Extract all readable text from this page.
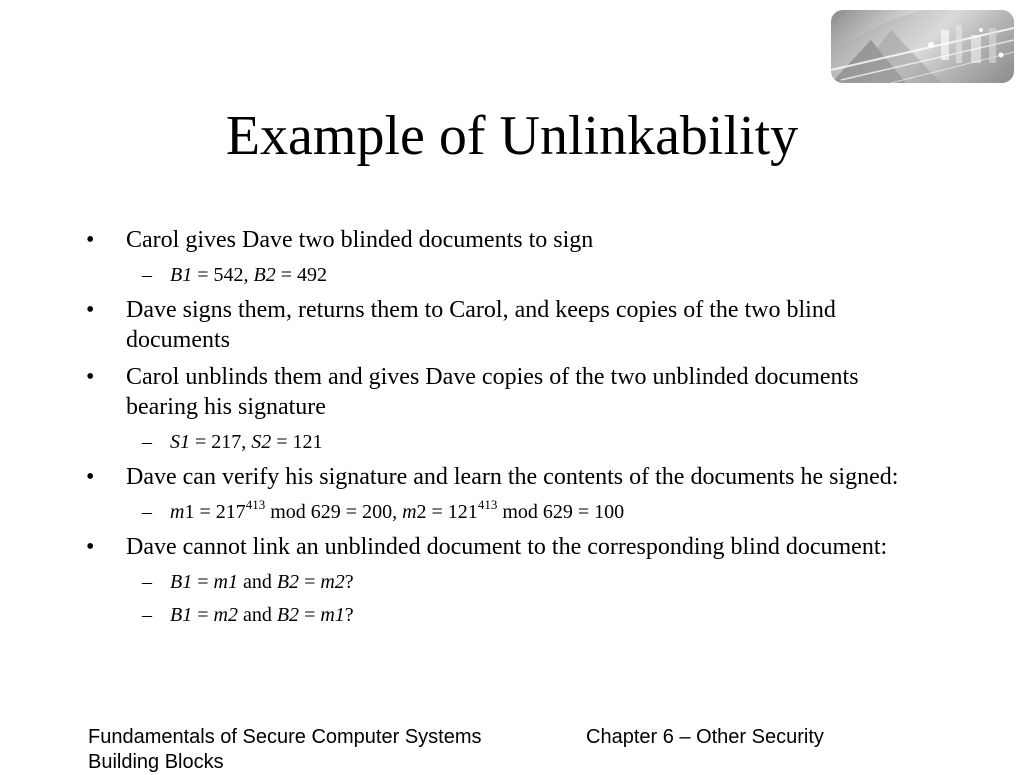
Example of Unlinkability
• Carol gives Dave two blinded documents to sign
– B1 = 542, B2 = 492
• Dave signs them, returns them to Carol, and keeps copies of the two blind documents
• Carol unblinds them and gives Dave copies of the two unblinded documents bearing his signature
– S1 = 217, S2 = 121
• Dave can verify his signature and learn the contents of the documents he signed:
– $m1 = 217^{413}$ mod 629 = 200, $m2 = 121^{413}$ mod 629 = 100
• Dave cannot link an unblinded document to the corresponding blind document:
– B1 = m1 and B2 = m2?
– B1 = m2 and B2 = m1?
Fundamentals of Secure Computer Systems	Chapter 6 – Other Security
Building Blocks
